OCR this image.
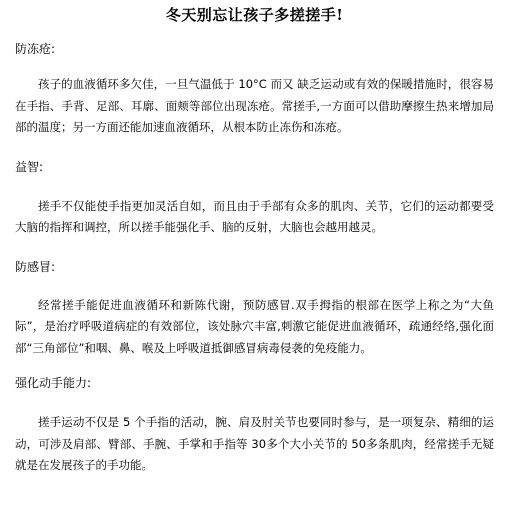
冬天别忘让孩子多搓搓手!

防冻疮:

孩子的血液循环多欠佳，一旦气温低于 10°C 而又 缺乏运动或有效的保暖措施时，很容易在手指、手背、足部、耳廓、面颊等部位出现冻疮。常搓手,一方面可以借助摩擦生热来增加局部的温度；另一方面还能加速血液循环，从根本防止冻伤和冻疮。

益智:

搓手不仅能使手指更加灵活自如，而且由于手部有众多的肌肉、关节，它们的运动都要受大脑的指挥和调控，所以搓手能强化手、脑的反射，大脑也会越用越灵。

防感冒:

经常搓手能促进血液循环和新陈代谢，预防感冒.双手拇指的根部在医学上称之为“大鱼际”，是治疗呼吸道病症的有效部位，该处脉穴丰富,刺激它能促进血液循环，疏通经络,强化面部“三角部位”和咽、鼻、喉及上呼吸道抵御感冒病毒侵袭的免疫能力。

强化动手能力:

搓手运动不仅是 5 个手指的活动，腕、肩及肘关节也要同时参与，是一项复杂、精细的运动，可涉及肩部、臂部、手腕、手掌和手指等 30多个大小关节的 50多条肌肉，经常搓手无疑就是在发展孩子的手功能。
